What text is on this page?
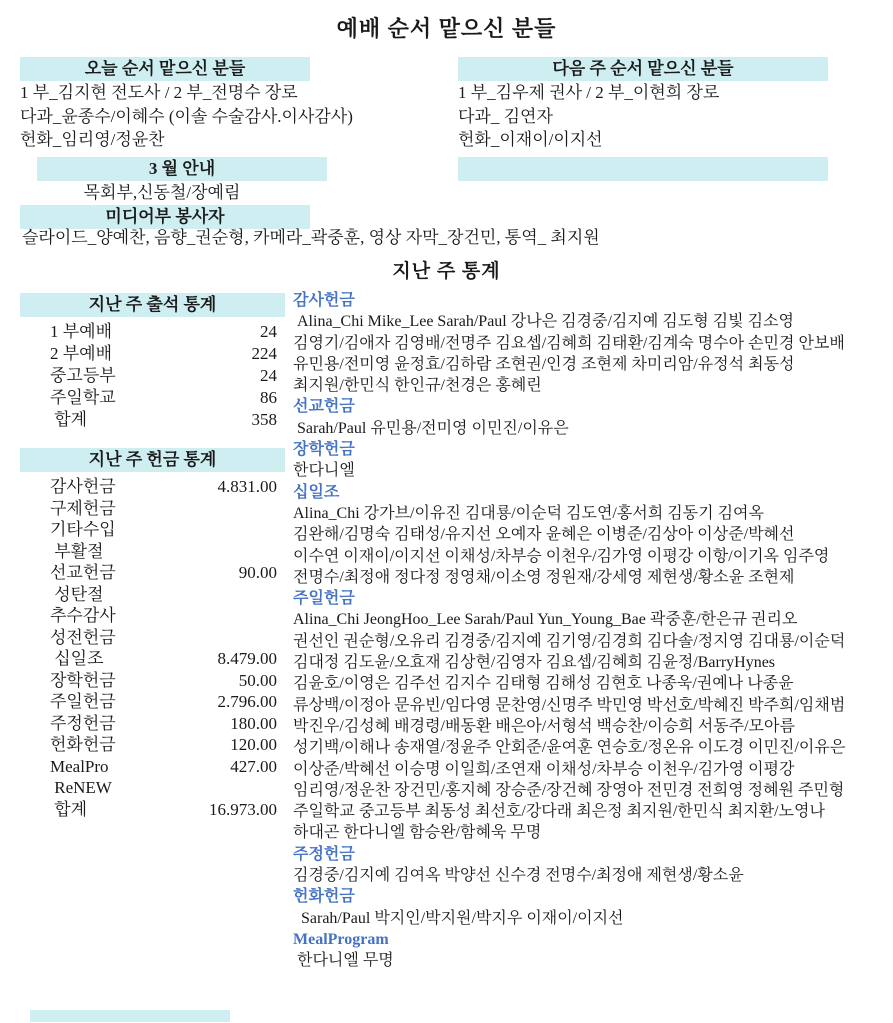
예배 순서 맡으신 분들
오늘 순서 맡으신 분들
1 부_김지현 전도사 / 2 부_전명수 장로
다과_윤종수/이혜수 (이솔 수술감사.이사감사)
헌화_임리영/정윤찬
3 월 안내
목회부,신동철/장예림
미디어부 봉사자
다음 주 순서 맡으신 분들
1 부_김우제 권사 / 2 부_이현희 장로
다과_ 김연자
헌화_이재이/이지선
슬라이드_양예찬, 음향_권순형, 카메라_곽중훈, 영상 자막_장건민, 통역_ 최지원
지난 주 통계
지난 주 출석 통계
1 부예배	24
2 부예배	224
중고등부	24
주일학교	86
합계	358
지난 주 헌금 통계
감사헌금	4.831.00
구제헌금
기타수입
부활절
선교헌금	90.00
성탄절
추수감사
성전헌금
십일조	8.479.00
장학헌금	50.00
주일헌금	2.796.00
주정헌금	180.00
헌화헌금	120.00
MealPro	427.00
ReNEW
합계	16.973.00
감사헌금
Alina_Chi Mike_Lee Sarah/Paul 강나은 김경중/김지예 김도형 김빛 김소영
김영기/김애자 김영배/전명주 김요셉/김혜희 김태환/김계숙 명수아 손민경 안보배
유민용/전미영 윤정효/김하람 조현권/인경 조현제 차미리암/유정석 최동성
최지원/한민식 한인규/천경은 홍혜린
선교헌금
Sarah/Paul 유민용/전미영 이민진/이유은
장학헌금
한다니엘
십일조
Alina_Chi 강가브/이유진 김대룡/이순덕 김도연/홍서희 김동기 김여옥
김완해/김명숙 김태성/유지선 오예자 윤혜은 이병준/김상아 이상준/박혜선
이수연 이재이/이지선 이채성/차부승 이천우/김가영 이평강 이항/이기옥 임주영
전명수/최정애 정다정 정영채/이소영 정원재/강세영 제현생/황소윤 조현제
주일헌금
Alina_Chi JeongHoo_Lee Sarah/Paul Yun_Young_Bae 곽중훈/한은규 권리오
권선인 권순형/오유리 김경중/김지예 김기영/김경희 김다솔/정지영 김대룡/이순덕
김대정 김도윤/오효재 김상현/김영자 김요셉/김혜희 김윤정/BarryHynes
김윤호/이영은 김주선 김지수 김태형 김해성 김현호 나종욱/권예나 나종윤
류상백/이정아 문유빈/임다영 문찬영/신명주 박민영 박선호/박혜진 박주희/임채범
박진우/김성혜 배경령/배동환 배은아/서형석 백승찬/이승희 서동주/모아름
성기백/이해나 송재열/정윤주 안회준/윤여훈 연승호/정온유 이도경 이민진/이유은
이상준/박혜선 이승명 이일희/조연재 이채성/차부승 이천우/김가영 이평강
임리영/정운찬 장건민/홍지혜 장승준/장건혜 장영아 전민경 전희영 정혜원 주민형
주일학교 중고등부 최동성 최선호/강다래 최은정 최지원/한민식 최지환/노영나
하대곤 한다니엘 함승완/함혜욱 무명
주정헌금
김경중/김지예 김여옥 박양선 신수경 전명수/최정애 제현생/황소윤
헌화헌금
Sarah/Paul 박지인/박지원/박지우 이재이/이지선
MealProgram
한다니엘 무명
